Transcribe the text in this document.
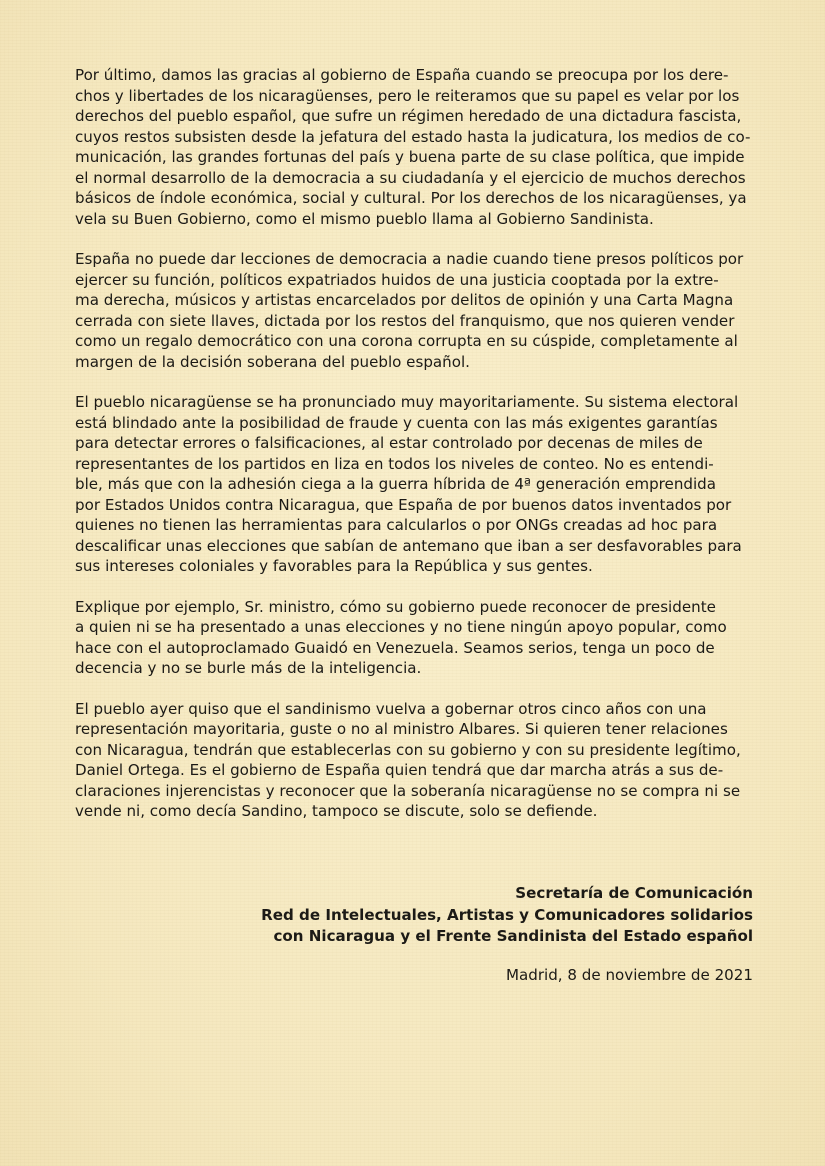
Por último, damos las gracias al gobierno de España cuando se preocupa por los dere-
chos y libertades de los nicaragüenses, pero le reiteramos que su papel es velar por los
derechos del pueblo español, que sufre un régimen heredado de una dictadura fascista,
cuyos restos subsisten desde la jefatura del estado hasta la judicatura, los medios de co-
municación, las grandes fortunas del país y buena parte de su clase política, que impide
el normal desarrollo de la democracia a su ciudadanía y el ejercicio de muchos derechos
básicos de índole económica, social y cultural. Por los derechos de los nicaragüenses, ya
vela su Buen Gobierno, como el mismo pueblo llama al Gobierno Sandinista.

España no puede dar lecciones de democracia a nadie cuando tiene presos políticos por
ejercer su función, políticos expatriados huidos de una justicia cooptada por la extre-
ma derecha, músicos y artistas encarcelados por delitos de opinión y una Carta Magna
cerrada con siete llaves, dictada por los restos del franquismo, que nos quieren vender
como un regalo democrático con una corona corrupta en su cúspide, completamente al
margen de la decisión soberana del pueblo español.

El pueblo nicaragüense se ha pronunciado muy mayoritariamente. Su sistema electoral
está blindado ante la posibilidad de fraude y cuenta con las más exigentes garantías
para detectar errores o falsificaciones, al estar controlado por decenas de miles de
representantes de los partidos en liza en todos los niveles de conteo. No es entendi-
ble, más que con la adhesión ciega a la guerra híbrida de 4ª generación emprendida
por Estados Unidos contra Nicaragua, que España de por buenos datos inventados por
quienes no tienen las herramientas para calcularlos o por ONGs creadas ad hoc para
descalificar unas elecciones que sabían de antemano que iban a ser desfavorables para
sus intereses coloniales y favorables para la República y sus gentes.

Explique por ejemplo, Sr. ministro, cómo su gobierno puede reconocer de presidente
a quien ni se ha presentado a unas elecciones y no tiene ningún apoyo popular, como
hace con el autoproclamado Guaidó en Venezuela. Seamos serios, tenga un poco de
decencia y no se burle más de la inteligencia.

El pueblo ayer quiso que el sandinismo vuelva a gobernar otros cinco años con una
representación mayoritaria, guste o no al ministro Albares. Si quieren tener relaciones
con Nicaragua, tendrán que establecerlas con su gobierno y con su presidente legítimo,
Daniel Ortega. Es el gobierno de España quien tendrá que dar marcha atrás a sus de-
claraciones injerencistas y reconocer que la soberanía nicaragüense no se compra ni se
vende ni, como decía Sandino, tampoco se discute, solo se defiende.

Secretaría de Comunicación
Red de Intelectuales, Artistas y Comunicadores solidarios
con Nicaragua y el Frente Sandinista del Estado español
Madrid, 8 de noviembre de 2021
